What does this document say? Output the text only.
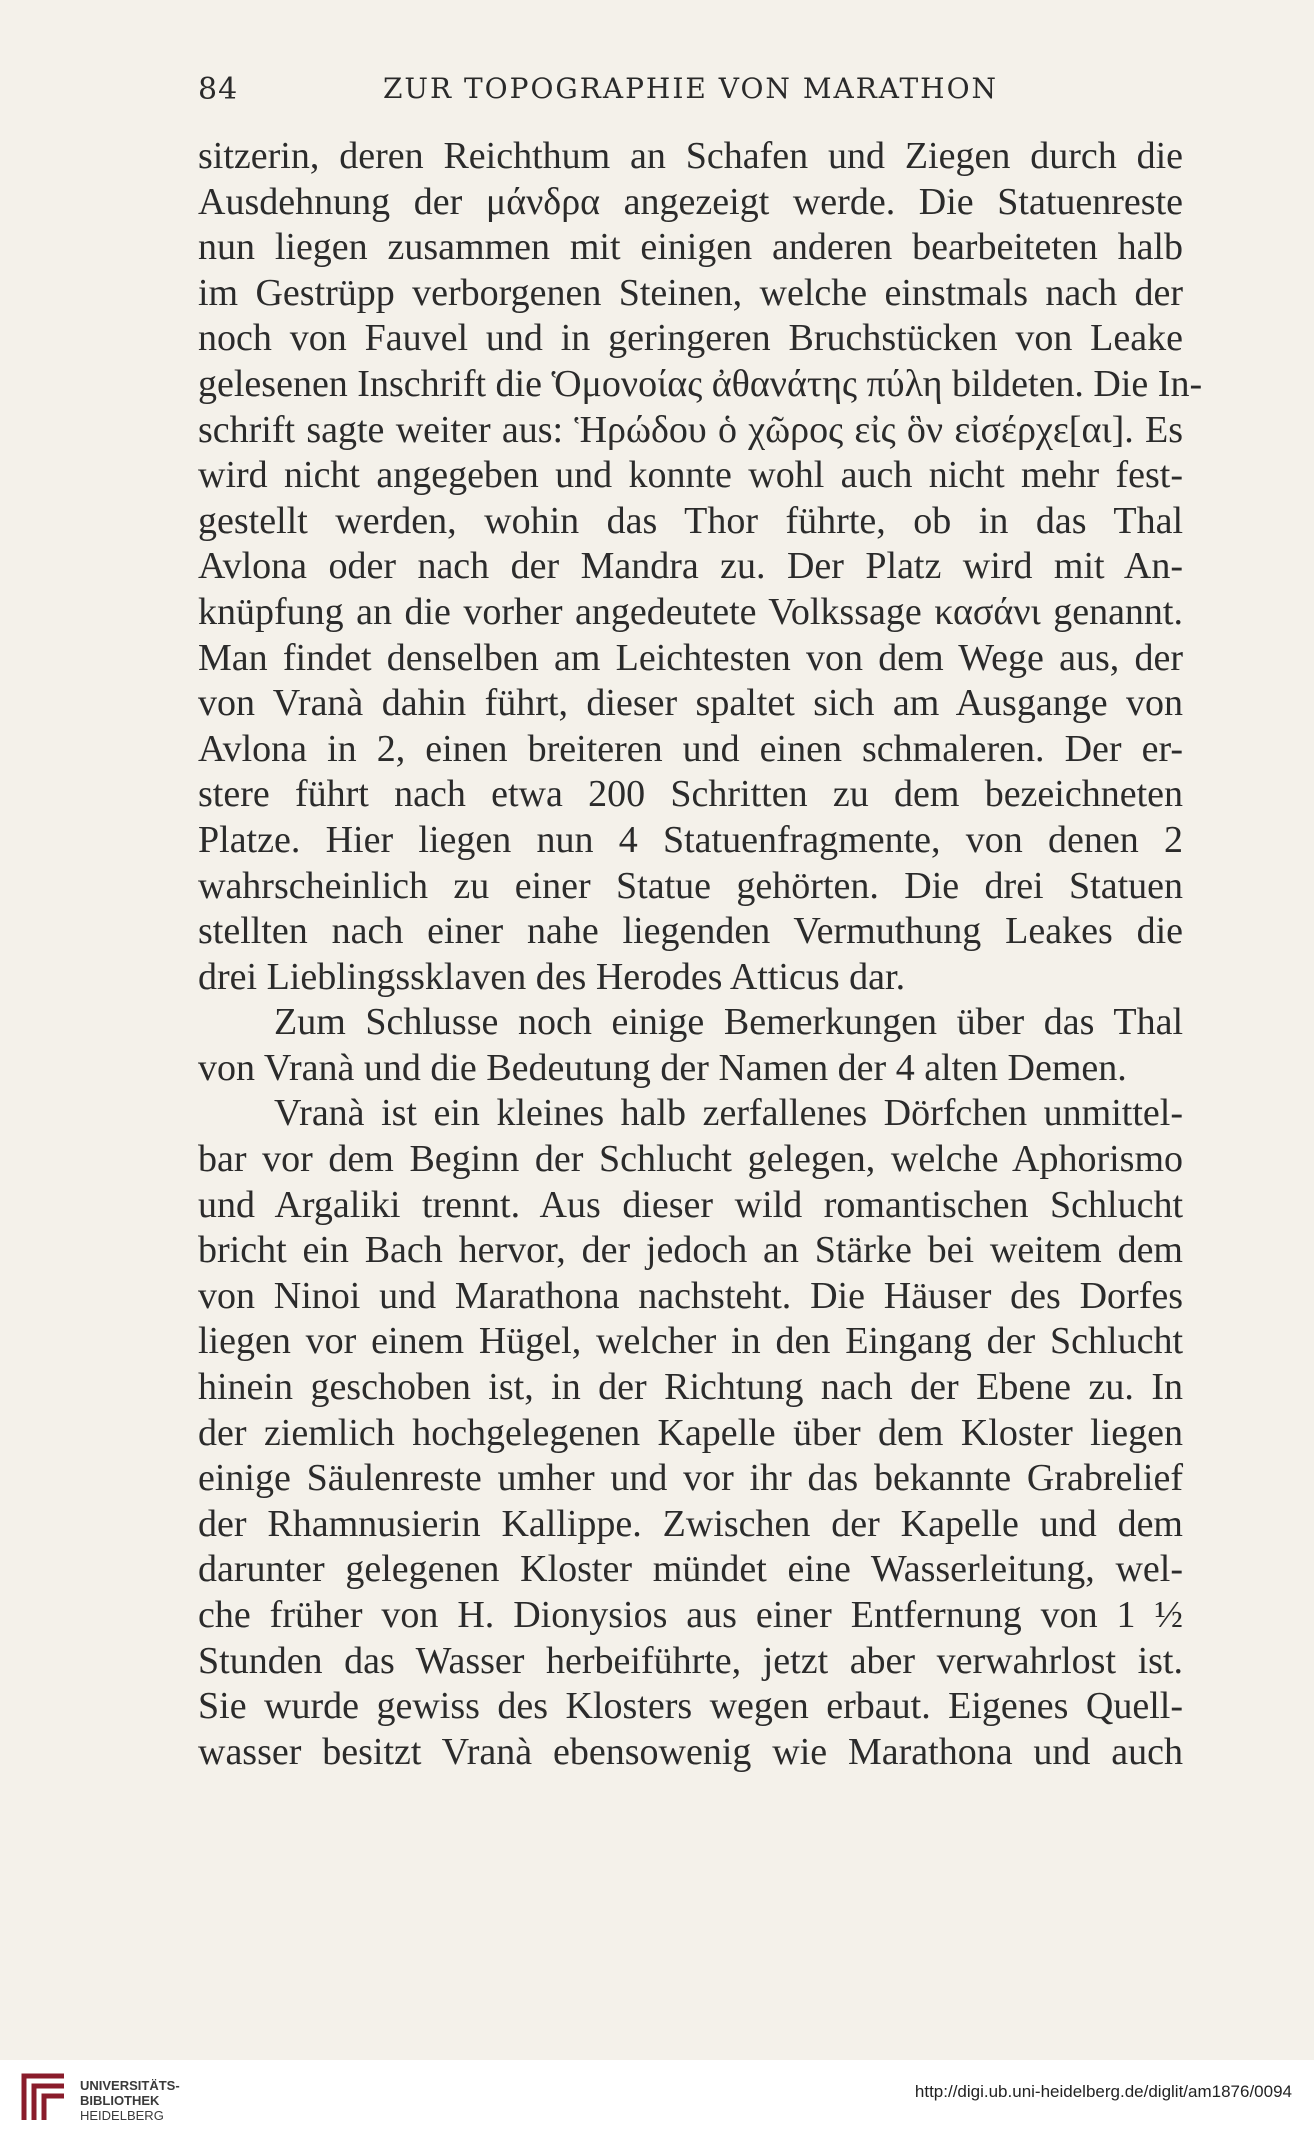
84	ZUR TOPOGRAPHIE VON MARATHON
sitzerin, deren Reichthum an Schafen und Ziegen durch die
Ausdehnung der μάνδρα angezeigt werde. Die Statuenreste
nun liegen zusammen mit einigen anderen bearbeiteten halb
im Gestrüpp verborgenen Steinen, welche einstmals nach der
noch von Fauvel und in geringeren Bruchstücken von Leake
gelesenen Inschrift die Ὁμονοίας ἀθανάτης πύλη bildeten. Die In-
schrift sagte weiter aus: Ἡρώδου ὁ χῶρος εἰς ὃν εἰσέρχε[αι]. Es
wird nicht angegeben und konnte wohl auch nicht mehr fest-
gestellt werden, wohin das Thor führte, ob in das Thal
Avlona oder nach der Mandra zu. Der Platz wird mit An-
knüpfung an die vorher angedeutete Volkssage κασάνι genannt.
Man findet denselben am Leichtesten von dem Wege aus, der
von Vranà dahin führt, dieser spaltet sich am Ausgange von
Avlona in 2, einen breiteren und einen schmaleren. Der er-
stere führt nach etwa 200 Schritten zu dem bezeichneten
Platze. Hier liegen nun 4 Statuenfragmente, von denen 2
wahrscheinlich zu einer Statue gehörten. Die drei Statuen
stellten nach einer nahe liegenden Vermuthung Leakes die
drei Lieblingssklaven des Herodes Atticus dar.
Zum Schlusse noch einige Bemerkungen über das Thal
von Vranà und die Bedeutung der Namen der 4 alten Demen.
Vranà ist ein kleines halb zerfallenes Dörfchen unmittel-
bar vor dem Beginn der Schlucht gelegen, welche Aphorismo
und Argaliki trennt. Aus dieser wild romantischen Schlucht
bricht ein Bach hervor, der jedoch an Stärke bei weitem dem
von Ninoi und Marathona nachsteht. Die Häuser des Dorfes
liegen vor einem Hügel, welcher in den Eingang der Schlucht
hinein geschoben ist, in der Richtung nach der Ebene zu. In
der ziemlich hochgelegenen Kapelle über dem Kloster liegen
einige Säulenreste umher und vor ihr das bekannte Grabrelief
der Rhamnusierin Kallippe. Zwischen der Kapelle und dem
darunter gelegenen Kloster mündet eine Wasserleitung, wel-
che früher von H. Dionysios aus einer Entfernung von 1 ½
Stunden das Wasser herbeiführte, jetzt aber verwahrlost ist.
Sie wurde gewiss des Klosters wegen erbaut. Eigenes Quell-
wasser besitzt Vranà ebensowenig wie Marathona und auch
UNIVERSITÄTS-
BIBLIOTHEK
HEIDELBERG
http://digi.ub.uni-heidelberg.de/diglit/am1876/0094
